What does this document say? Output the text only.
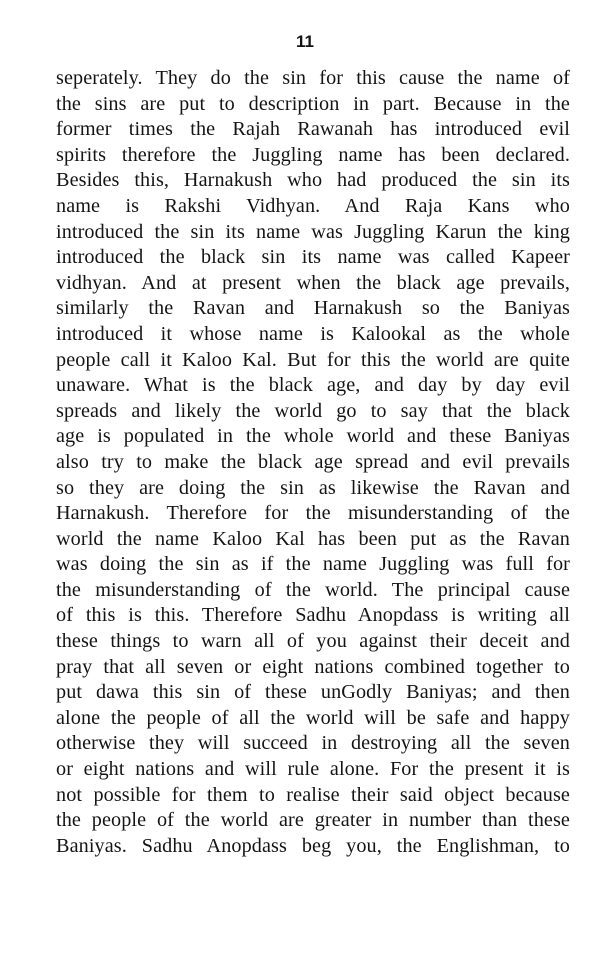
11
seperately. They do the sin for this cause the name of
the sins are put to description in part. Because in the
former times the Rajah Rawanah has introduced evil
spirits therefore the Juggling name has been declared.
Besides this, Harnakush who had produced the sin its
name is Rakshi Vidhyan. And Raja Kans who
introduced the sin its name was Juggling Karun the king
introduced the black sin its name was called Kapeer
vidhyan. And at present when the black age prevails,
similarly the Ravan and Harnakush so the Baniyas
introduced it whose name is Kalookal as the whole
people call it Kaloo Kal. But for this the world are quite
unaware. What is the black age, and day by day evil
spreads and likely the world go to say that the black
age is populated in the whole world and these Baniyas
also try to make the black age spread and evil prevails
so they are doing the sin as likewise the Ravan and
Harnakush. Therefore for the misunderstanding of the
world the name Kaloo Kal has been put as the Ravan
was doing the sin as if the name Juggling was full for
the misunderstanding of the world. The principal cause
of this is this. Therefore Sadhu Anopdass is writing all
these things to warn all of you against their deceit and
pray that all seven or eight nations combined together to
put dawa this sin of these unGodly Baniyas; and then
alone the people of all the world will be safe and happy
otherwise they will succeed in destroying all the seven
or eight nations and will rule alone. For the present it is
not possible for them to realise their said object because
the people of the world are greater in number than these
Baniyas. Sadhu Anopdass beg you, the Englishman, to
